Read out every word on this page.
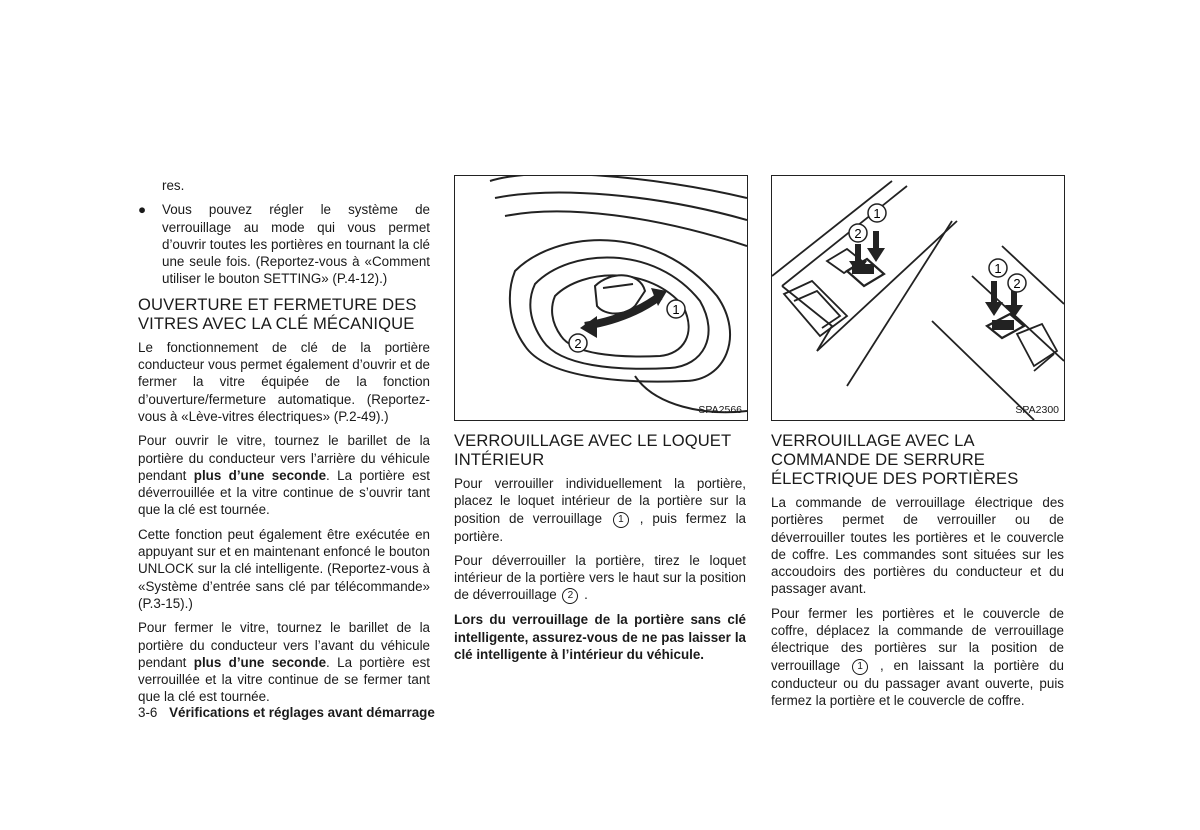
res.

● Vous pouvez régler le système de verrouillage au mode qui vous permet d’ouvrir toutes les portières en tournant la clé une seule fois. (Reportez-vous à «Comment utiliser le bouton SETTING» (P.4-12).)

OUVERTURE ET FERMETURE DES VITRES AVEC LA CLÉ MÉCANIQUE

Le fonctionnement de clé de la portière conducteur vous permet également d’ouvrir et de fermer la vitre équipée de la fonction d’ouverture/fermeture automatique. (Reportez-vous à «Lève-vitres électriques» (P.2-49).)

Pour ouvrir le vitre, tournez le barillet de la portière du conducteur vers l’arrière du véhicule pendant plus d’une seconde. La portière est déverrouillée et la vitre continue de s’ouvrir tant que la clé est tournée.

Cette fonction peut également être exécutée en appuyant sur et en maintenant enfoncé le bouton UNLOCK sur la clé intelligente. (Reportez-vous à «Système d’entrée sans clé par télécommande» (P.3-15).)

Pour fermer le vitre, tournez le barillet de la portière du conducteur vers l’avant du véhicule pendant plus d’une seconde. La portière est verrouillée et la vitre continue de se fermer tant que la clé est tournée.

1
2
SPA2566
1
2
1
2
SPA2300
VERROUILLAGE AVEC LE LOQUET INTÉRIEUR

Pour verrouiller individuellement la portière, placez le loquet intérieur de la portière sur la position de verrouillage 1 , puis fermez la portière.

Pour déverrouiller la portière, tirez le loquet intérieur de la portière vers le haut sur la position de déverrouillage 2 .

Lors du verrouillage de la portière sans clé intelligente, assurez-vous de ne pas laisser la clé intelligente à l’intérieur du véhicule.

VERROUILLAGE AVEC LA COMMANDE DE SERRURE ÉLECTRIQUE DES PORTIÈRES

La commande de verrouillage électrique des portières permet de verrouiller ou de déverrouiller toutes les portières et le couvercle de coffre. Les commandes sont situées sur les accoudoirs des portières du conducteur et du passager avant.

Pour fermer les portières et le couvercle de coffre, déplacez la commande de verrouillage électrique des portières sur la position de verrouillage 1 , en laissant la portière du conducteur ou du passager avant ouverte, puis fermez la portière et le couvercle de coffre.

3-6 Vérifications et réglages avant démarrage
